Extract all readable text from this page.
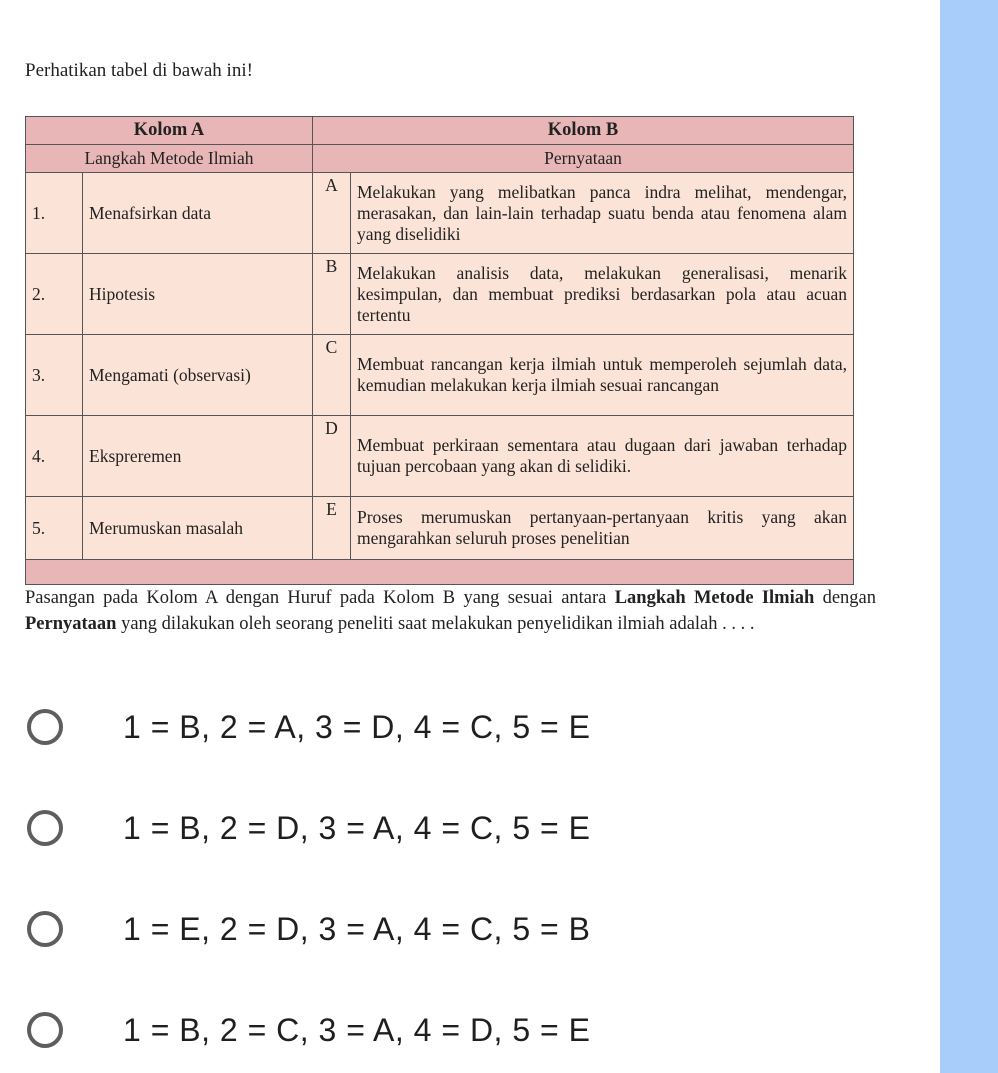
Perhatikan tabel di bawah ini!

Kolom A		Kolom B	
Langkah Metode Ilmiah		Pernyataan	
1.	Menafsirkan data	A	Melakukan yang melibatkan panca indra melihat, mendengar, merasakan, dan lain-lain terhadap suatu benda atau fenomena alam yang diselidiki
2.	Hipotesis	B	Melakukan analisis data, melakukan generalisasi, menarik kesimpulan, dan membuat prediksi berdasarkan pola atau acuan tertentu
3.	Mengamati (observasi)	C	Membuat rancangan kerja ilmiah untuk memperoleh sejumlah data, kemudian melakukan kerja ilmiah sesuai rancangan
4.	Ekspreremen	D	Membuat perkiraan sementara atau dugaan dari jawaban terhadap tujuan percobaan yang akan di selidiki.
5.	Merumuskan masalah	E	Proses merumuskan pertanyaan-pertanyaan kritis yang akan mengarahkan seluruh proses penelitian

Pasangan pada Kolom A dengan Huruf pada Kolom B yang sesuai antara Langkah Metode Ilmiah dengan Pernyataan yang dilakukan oleh seorang peneliti saat melakukan penyelidikan ilmiah adalah . . . .

1 = B, 2 = A, 3 = D, 4 = C, 5 = E
1 = B, 2 = D, 3 = A, 4 = C, 5 = E
1 = E, 2 = D, 3 = A, 4 = C, 5 = B
1 = B, 2 = C, 3 = A, 4 = D, 5 = E
